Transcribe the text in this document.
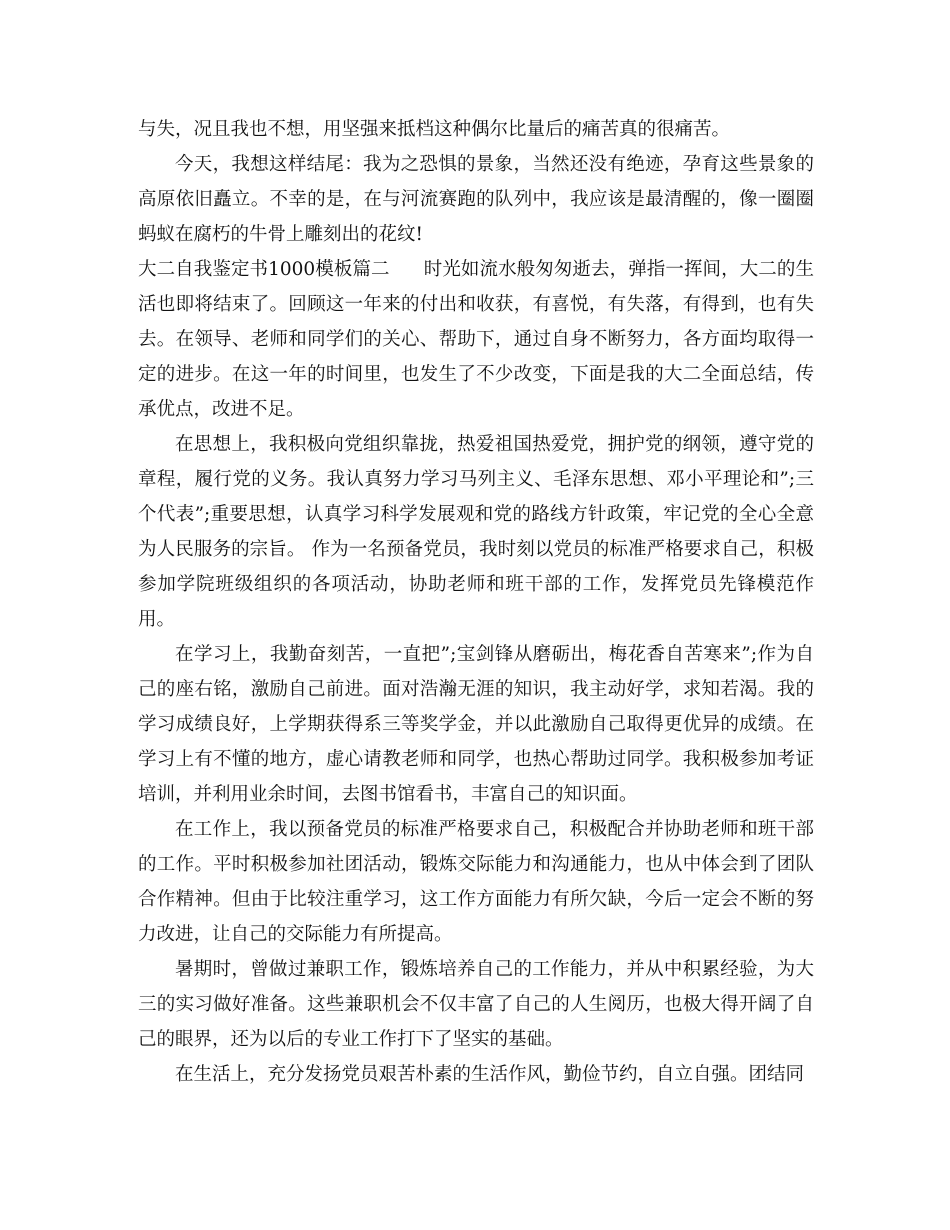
与失，况且我也不想，用坚强来抵档这种偶尔比量后的痛苦真的很痛苦。

今天，我想这样结尾：我为之恐惧的景象，当然还没有绝迹，孕育这些景象的高原依旧矗立。不幸的是，在与河流赛跑的队列中，我应该是最清醒的，像一圈圈蚂蚁在腐朽的牛骨上雕刻出的花纹!

大二自我鉴定书1000模板篇二 时光如流水般匆匆逝去，弹指一挥间，大二的生活也即将结束了。回顾这一年来的付出和收获，有喜悦，有失落，有得到，也有失去。在领导、老师和同学们的关心、帮助下，通过自身不断努力，各方面均取得一定的进步。在这一年的时间里，也发生了不少改变，下面是我的大二全面总结，传承优点，改进不足。

在思想上，我积极向党组织靠拢，热爱祖国热爱党，拥护党的纲领，遵守党的章程，履行党的义务。我认真努力学习马列主义、毛泽东思想、邓小平理论和”;三个代表”;重要思想，认真学习科学发展观和党的路线方针政策，牢记党的全心全意为人民服务的宗旨。 作为一名预备党员，我时刻以党员的标准严格要求自己，积极参加学院班级组织的各项活动，协助老师和班干部的工作，发挥党员先锋模范作用。

在学习上，我勤奋刻苦，一直把”;宝剑锋从磨砺出，梅花香自苦寒来”;作为自己的座右铭，激励自己前进。面对浩瀚无涯的知识，我主动好学，求知若渴。我的学习成绩良好，上学期获得系三等奖学金，并以此激励自己取得更优异的成绩。在学习上有不懂的地方，虚心请教老师和同学，也热心帮助过同学。我积极参加考证培训，并利用业余时间，去图书馆看书，丰富自己的知识面。

在工作上，我以预备党员的标准严格要求自己，积极配合并协助老师和班干部的工作。平时积极参加社团活动，锻炼交际能力和沟通能力，也从中体会到了团队合作精神。但由于比较注重学习，这工作方面能力有所欠缺，今后一定会不断的努力改进，让自己的交际能力有所提高。

暑期时，曾做过兼职工作，锻炼培养自己的工作能力，并从中积累经验，为大三的实习做好准备。这些兼职机会不仅丰富了自己的人生阅历，也极大得开阔了自己的眼界，还为以后的专业工作打下了坚实的基础。

在生活上，充分发扬党员艰苦朴素的生活作风，勤俭节约，自立自强。团结同
